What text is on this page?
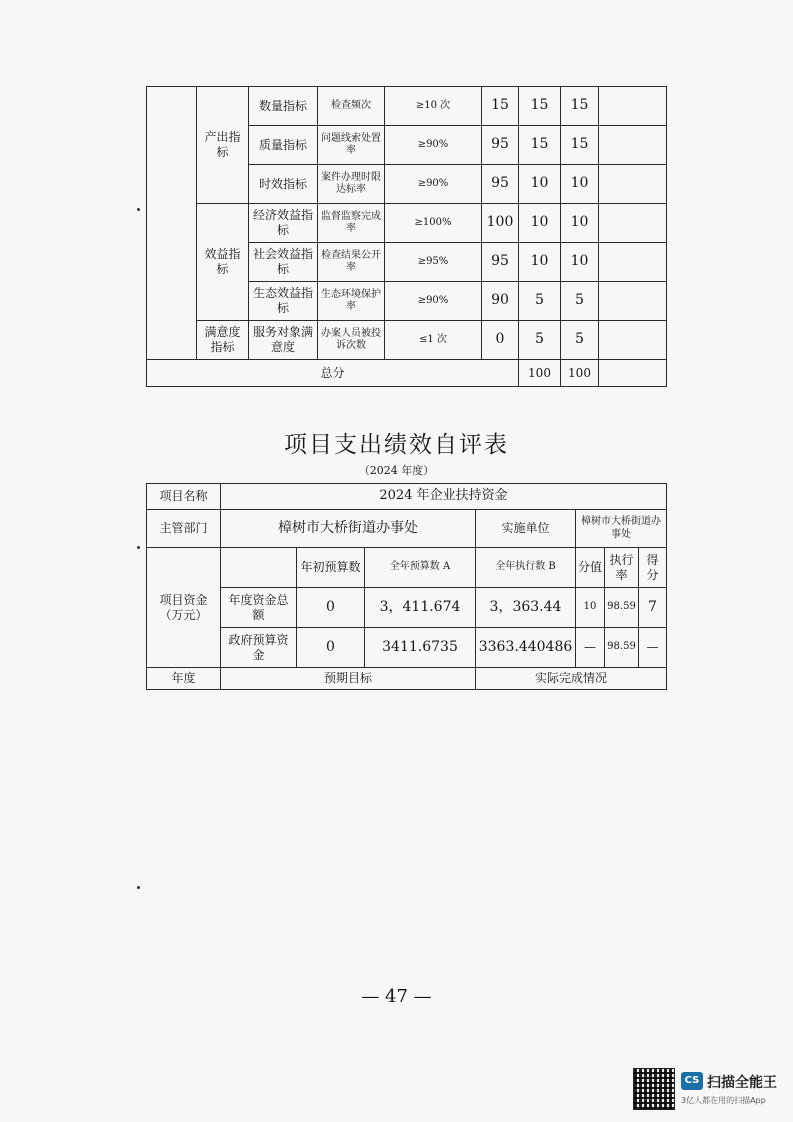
	产出指标	数量指标	检查频次	≥10 次	15	15	15	
		质量指标	问题线索处置率	≥90%	95	15	15	
		时效指标	案件办理时限达标率	≥90%	95	10	10	
	效益指标	经济效益指标	监督监察完成率	≥100%	100	10	10	
		社会效益指标	检查结果公开率	≥95%	95	10	10	
		生态效益指标	生态环境保护率	≥90%	90	5	5	
	满意度指标	服务对象满意度	办案人员被投诉次数	≤1 次	0	5	5	
总分						100	100	
项目支出绩效自评表
（2024 年度）
项目名称	2024 年企业扶持资金						
主管部门	樟树市大桥街道办事处			实施单位	樟树市大桥街道办事处		
项目资金（万元）		年初预算数	全年预算数 A	全年执行数 B	分值	执行率	得分
	年度资金总额	0	3，411.674	3，363.44	10	98.59	7
	政府预算资金	0	3411.6735	3363.440486	—	98.59	—
年度	预期目标			实际完成情况			
— 47 —
CS 扫描全能王
3亿人都在用的扫描App
